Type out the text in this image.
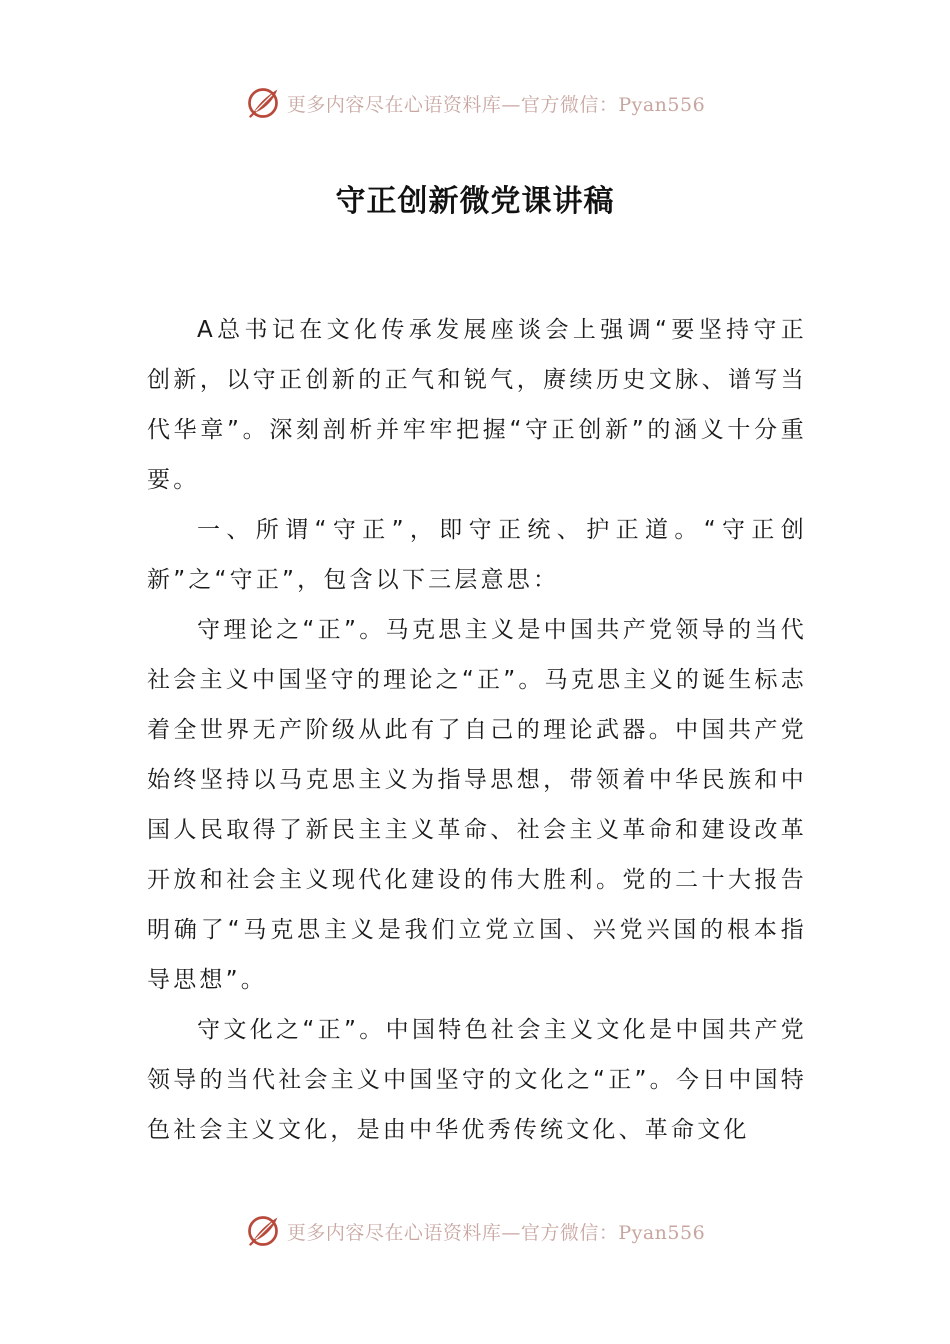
更多内容尽在心语资料库—官方微信：Pyan556
守正创新微党课讲稿

A总书记在文化传承发展座谈会上强调“要坚持守正创新，以守正创新的正气和锐气，赓续历史文脉、谱写当代华章”。深刻剖析并牢牢把握“守正创新”的涵义十分重要。

一、所谓“守正”，即守正统、护正道。“守正创新”之“守正”，包含以下三层意思：

守理论之“正”。马克思主义是中国共产党领导的当代社会主义中国坚守的理论之“正”。马克思主义的诞生标志着全世界无产阶级从此有了自己的理论武器。中国共产党始终坚持以马克思主义为指导思想，带领着中华民族和中国人民取得了新民主主义革命、社会主义革命和建设改革开放和社会主义现代化建设的伟大胜利。党的二十大报告明确了“马克思主义是我们立党立国、兴党兴国的根本指导思想”。

守文化之“正”。中国特色社会主义文化是中国共产党领导的当代社会主义中国坚守的文化之“正”。今日中国特色社会主义文化，是由中华优秀传统文化、革命文化

更多内容尽在心语资料库—官方微信：Pyan556
